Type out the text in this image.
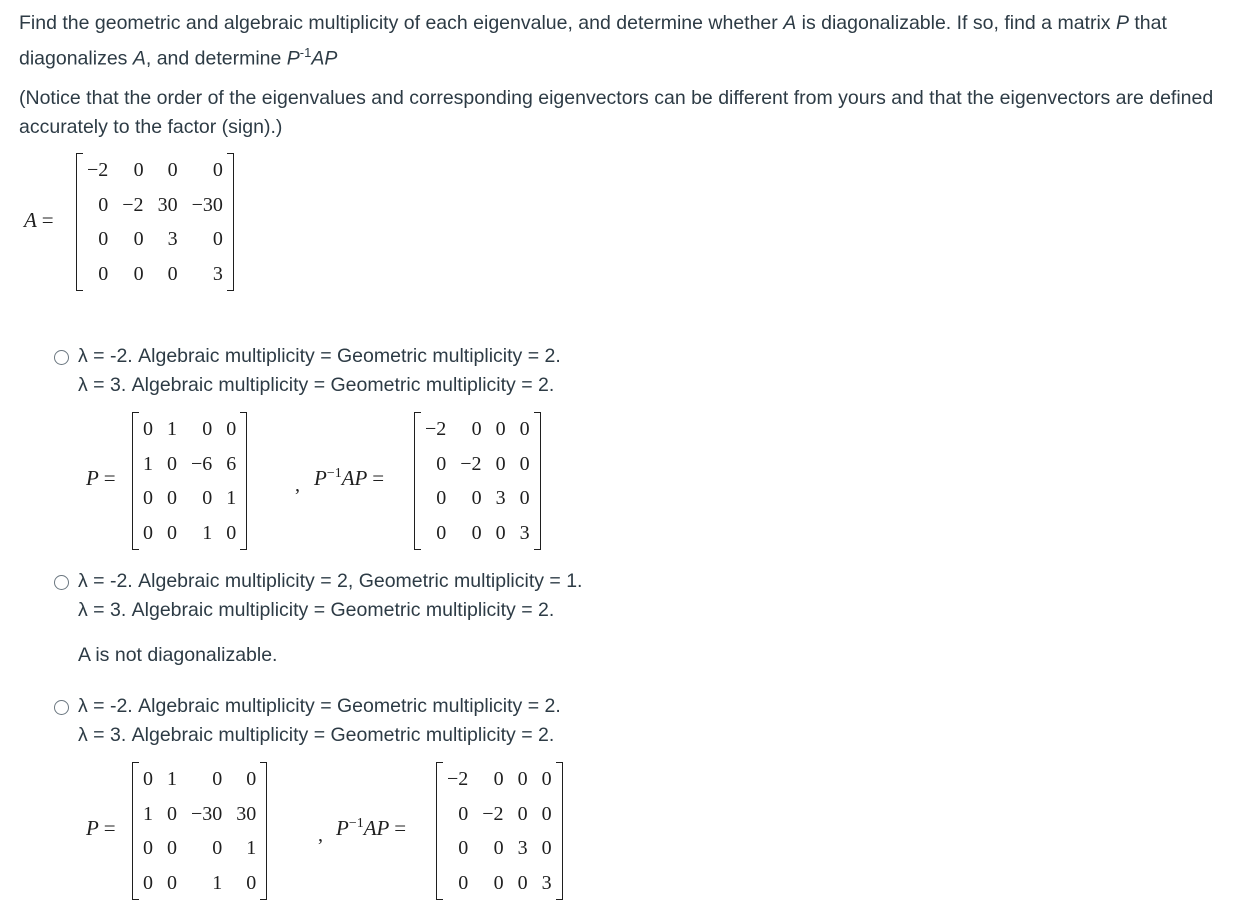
Find the geometric and algebraic multiplicity of each eigenvalue, and determine whether A is diagonalizable. If so, find a matrix P that diagonalizes A, and determine $P^{-1}AP$
(Notice that the order of the eigenvalues and corresponding eigenvectors can be different from yours and that the eigenvectors are defined accurately to the factor (sign).)
A =
−2	0	0	0
0	−2	30	−30
0	0	3	0
0	0	0	3
λ = -2. Algebraic multiplicity = Geometric multiplicity = 2.
λ = 3. Algebraic multiplicity = Geometric multiplicity = 2.
P =
0	1	0	0
1	0	−6	6
0	0	0	1
0	0	1	0
, $P^{-1}AP$ =
−2	0	0	0
0	−2	0	0
0	0	3	0
0	0	0	3
λ = -2. Algebraic multiplicity = 2, Geometric multiplicity = 1.
λ = 3. Algebraic multiplicity = Geometric multiplicity = 2.
A is not diagonalizable.
λ = -2. Algebraic multiplicity = Geometric multiplicity = 2.
λ = 3. Algebraic multiplicity = Geometric multiplicity = 2.
P =
0	1	0	0
1	0	−30	30
0	0	0	1
0	0	1	0
, $P^{-1}AP$ =
−2	0	0	0
0	−2	0	0
0	0	3	0
0	0	0	3
